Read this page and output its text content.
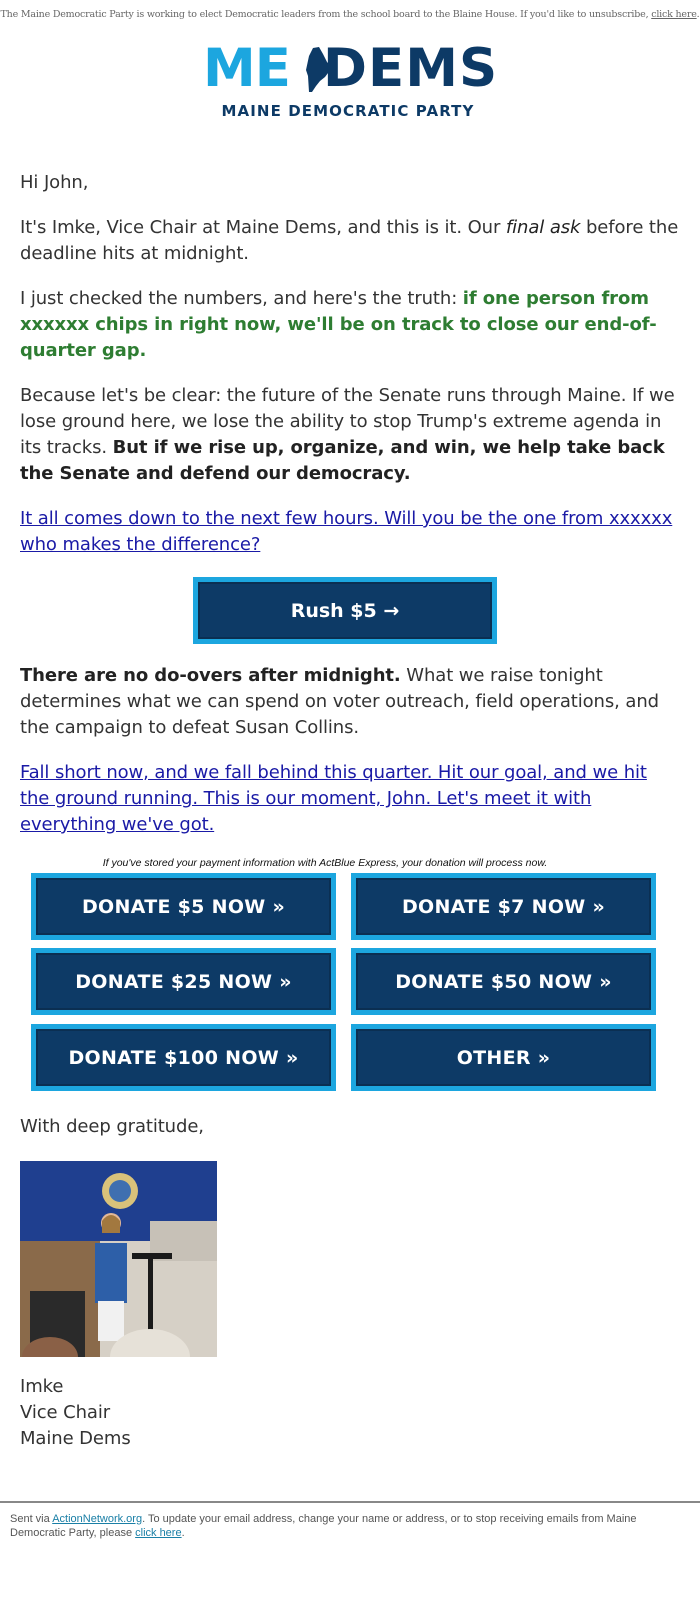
The Maine Democratic Party is working to elect Democratic leaders from the school board to the Blaine House. If you'd like to unsubscribe, click here.
ME DEMS
MAINE DEMOCRATIC PARTY
Hi John,
It's Imke, Vice Chair at Maine Dems, and this is it. Our final ask before the deadline hits at midnight.
I just checked the numbers, and here's the truth: if one person from xxxxxx chips in right now, we'll be on track to close our end-of-quarter gap.
Because let's be clear: the future of the Senate runs through Maine. If we lose ground here, we lose the ability to stop Trump's extreme agenda in its tracks. But if we rise up, organize, and win, we help take back the Senate and defend our democracy.
It all comes down to the next few hours. Will you be the one from xxxxxx who makes the difference?
Rush $5 →
There are no do-overs after midnight. What we raise tonight determines what we can spend on voter outreach, field operations, and the campaign to defeat Susan Collins.
Fall short now, and we fall behind this quarter. Hit our goal, and we hit the ground running. This is our moment, John. Let's meet it with everything we've got.
If you've stored your payment information with ActBlue Express, your donation will process now.
DONATE $5 NOW »	DONATE $7 NOW »
DONATE $25 NOW »	DONATE $50 NOW »
DONATE $100 NOW »	OTHER »
With deep gratitude,
Imke
Vice Chair
Maine Dems
Sent via ActionNetwork.org. To update your email address, change your name or address, or to stop receiving emails from Maine Democratic Party, please click here.
